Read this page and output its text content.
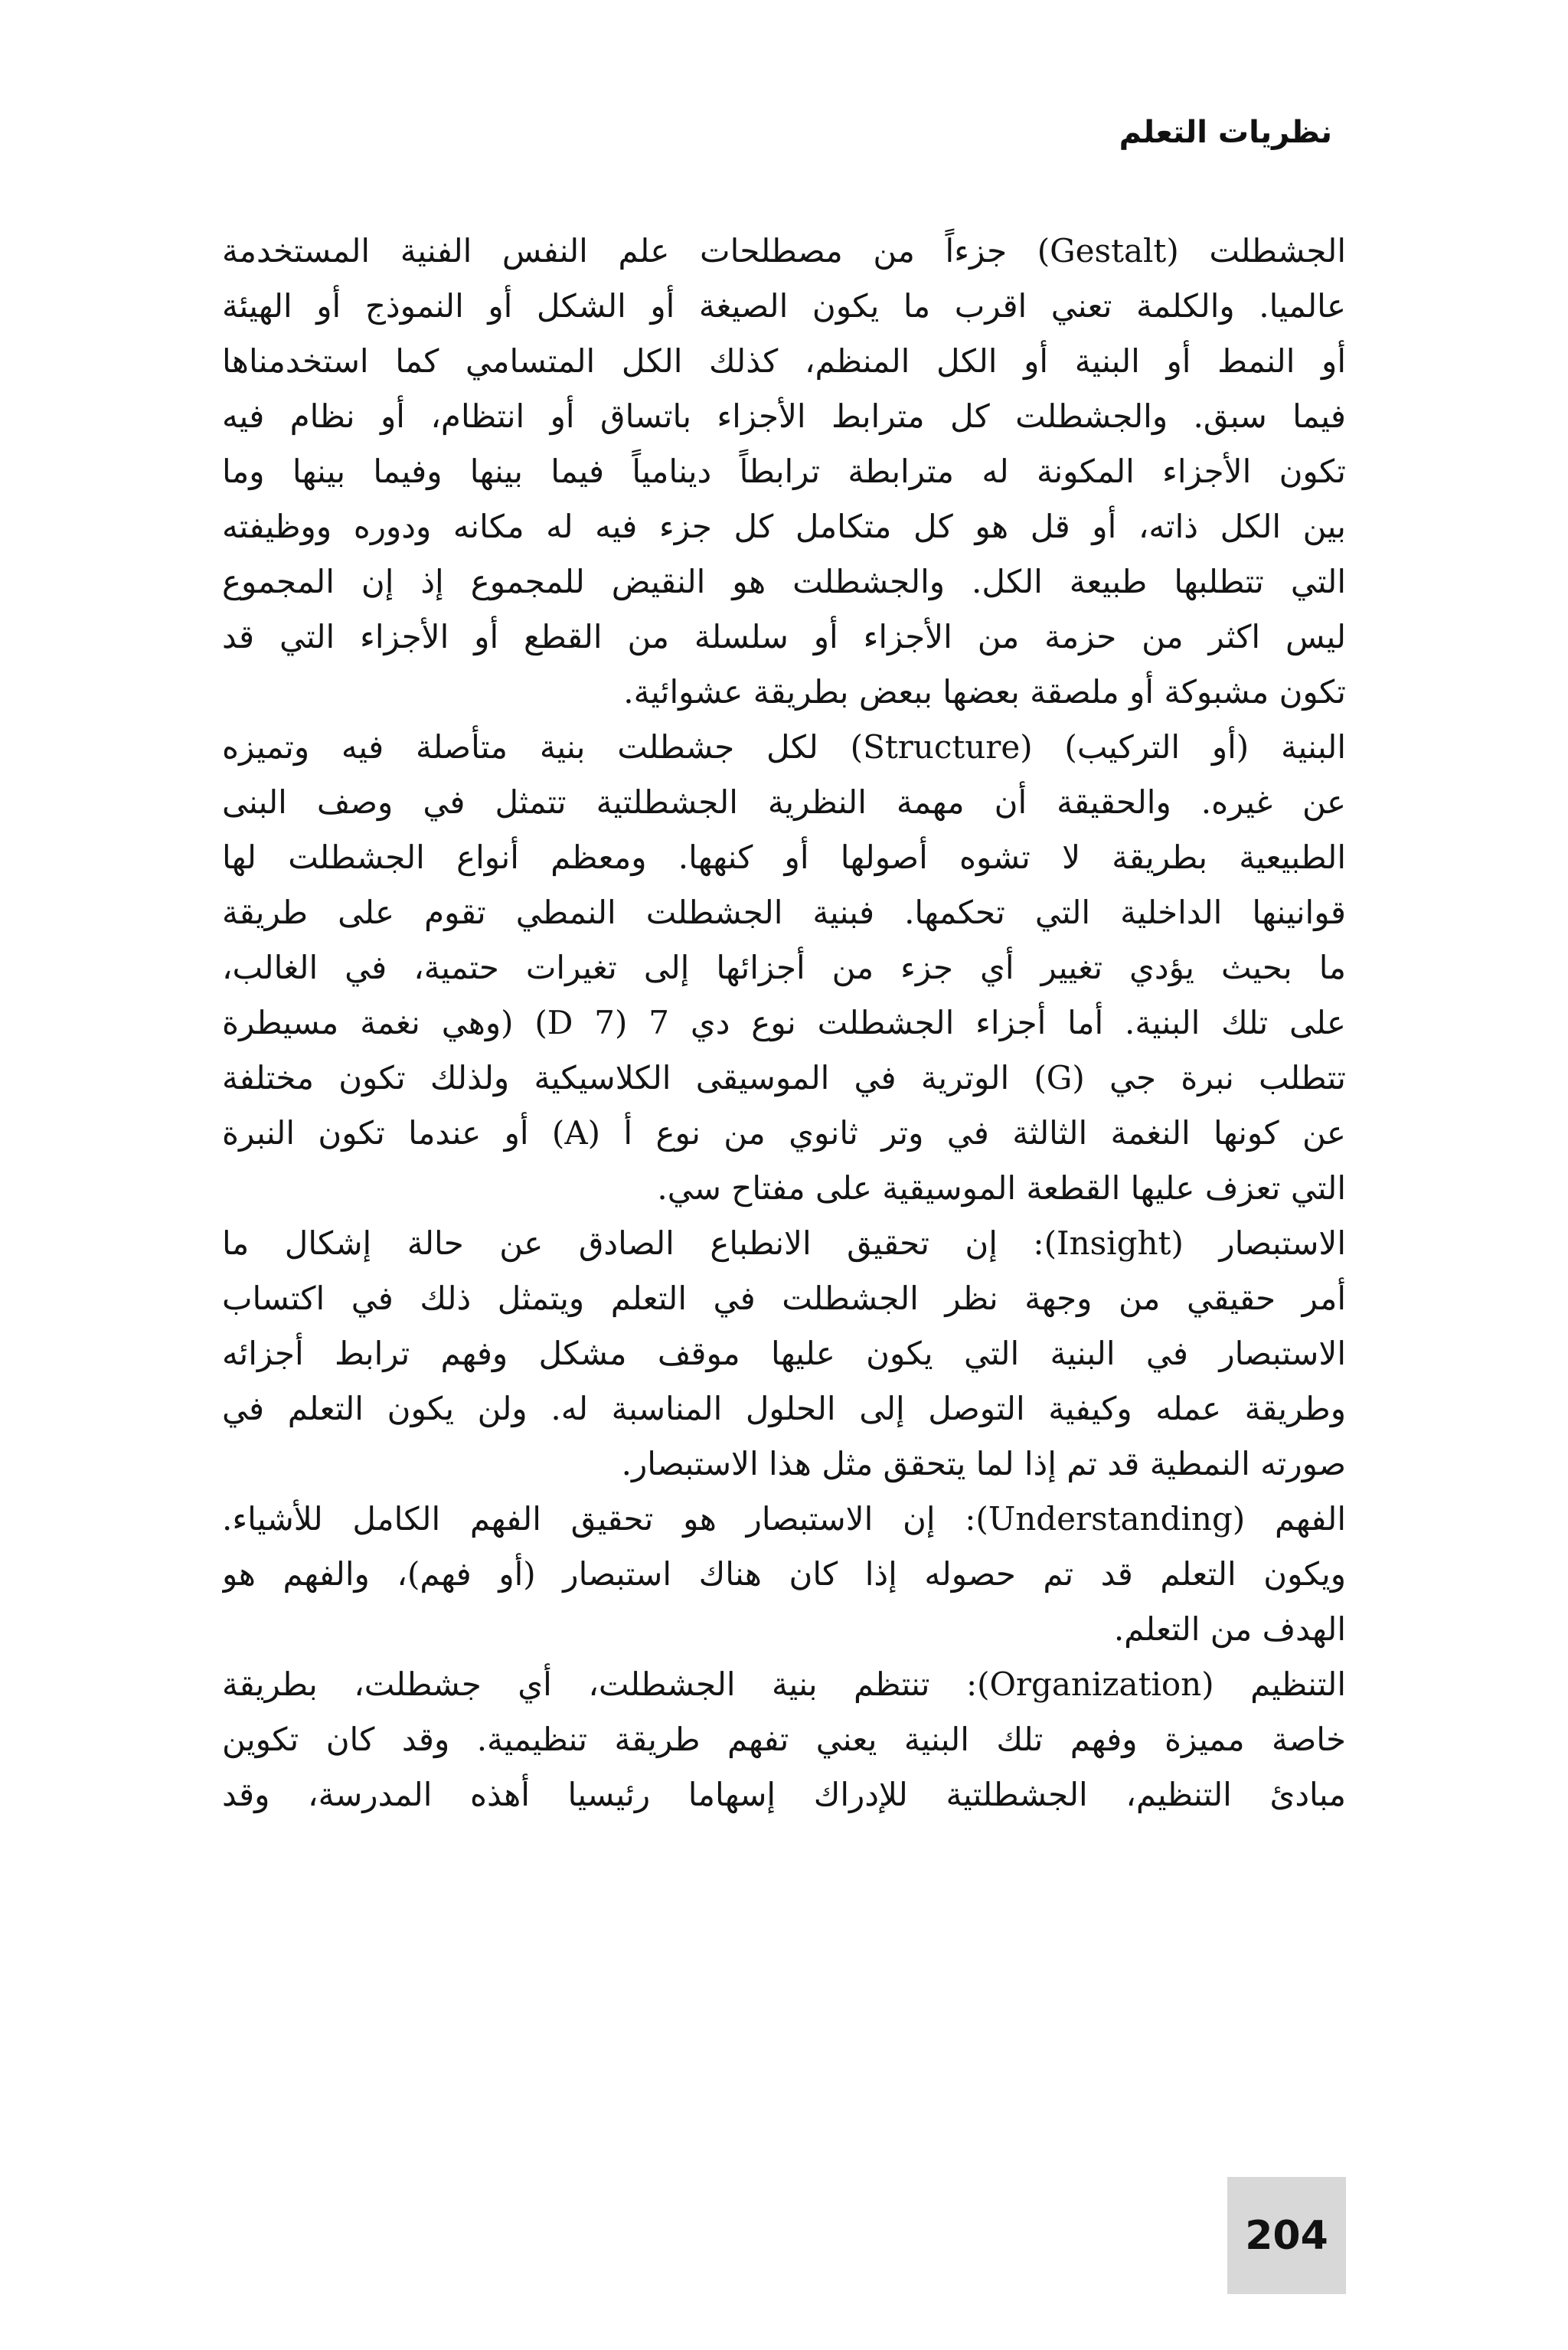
نظريات التعلم
الجشطلت (Gestalt) جزءاً من مصطلحات علم النفس الفنية المستخدمة
عالميا. والكلمة تعني اقرب ما يكون الصيغة أو الشكل أو النموذج أو الهيئة
أو النمط أو البنية أو الكل المنظم، كذلك الكل المتسامي كما استخدمناها
فيما سبق. والجشطلت كل مترابط الأجزاء باتساق أو انتظام، أو نظام فيه
تكون الأجزاء المكونة له مترابطة ترابطاً دينامياً فيما بينها وفيما بينها وما
بين الكل ذاته، أو قل هو كل متكامل كل جزء فيه له مكانه ودوره ووظيفته
التي تتطلبها طبيعة الكل. والجشطلت هو النقيض للمجموع إذ إن المجموع
ليس اكثر من حزمة من الأجزاء أو سلسلة من القطع أو الأجزاء التي قد
تكون مشبوكة أو ملصقة بعضها ببعض بطريقة عشوائية.
البنية (أو التركيب) (Structure) لكل جشطلت بنية متأصلة فيه وتميزه
عن غيره. والحقيقة أن مهمة النظرية الجشطلتية تتمثل في وصف البنى
الطبيعية بطريقة لا تشوه أصولها أو كنهها. ومعظم أنواع الجشطلت لها
قوانينها الداخلية التي تحكمها. فبنية الجشطلت النمطي تقوم على طريقة
ما بحيث يؤدي تغيير أي جزء من أجزائها إلى تغيرات حتمية، في الغالب،
على تلك البنية. أما أجزاء الجشطلت نوع دي 7 (D 7) (وهي نغمة مسيطرة
تتطلب نبرة جي (G) الوترية في الموسيقى الكلاسيكية ولذلك تكون مختلفة
عن كونها النغمة الثالثة في وتر ثانوي من نوع أ (A) أو عندما تكون النبرة
التي تعزف عليها القطعة الموسيقية على مفتاح سي.
الاستبصار (Insight): إن تحقيق الانطباع الصادق عن حالة إشكال ما
أمر حقيقي من وجهة نظر الجشطلت في التعلم ويتمثل ذلك في اكتساب
الاستبصار في البنية التي يكون عليها موقف مشكل وفهم ترابط أجزائه
وطريقة عمله وكيفية التوصل إلى الحلول المناسبة له. ولن يكون التعلم في
صورته النمطية قد تم إذا لما يتحقق مثل هذا الاستبصار.
الفهم (Understanding): إن الاستبصار هو تحقيق الفهم الكامل للأشياء.
ويكون التعلم قد تم حصوله إذا كان هناك استبصار (أو فهم)، والفهم هو
الهدف من التعلم.
التنظيم (Organization): تنتظم بنية الجشطلت، أي جشطلت، بطريقة
خاصة مميزة وفهم تلك البنية يعني تفهم طريقة تنظيمية. وقد كان تكوين
مبادئ التنظيم، الجشطلتية للإدراك إسهاما رئيسيا أهذه المدرسة، وقد
204
